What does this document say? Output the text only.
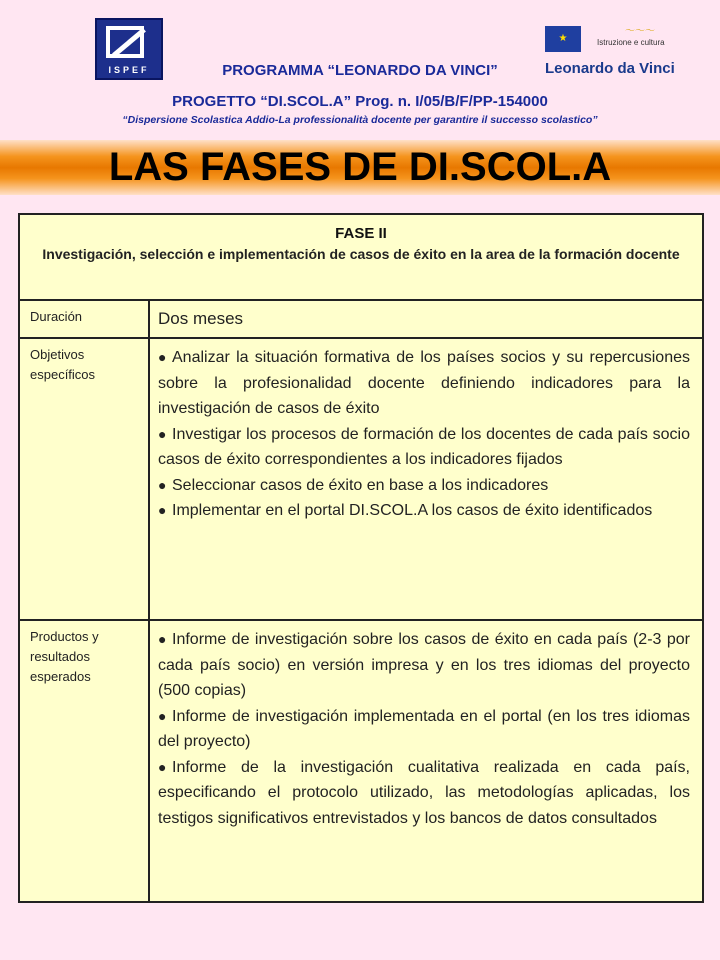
ISPEF
★
〜〜〜
Istruzione e cultura
Leonardo da Vinci
PROGRAMMA “LEONARDO DA VINCI”
PROGETTO “DI.SCOL.A” Prog. n. I/05/B/F/PP-154000
“Dispersione Scolastica Addio-La professionalità docente per garantire il successo scolastico”
LAS FASES DE DI.SCOL.A
FASE II
Investigación, selección e implementación de casos de éxito en la area de la formación docente
Duración	Dos meses
Objetivos específicos
● Analizar la situación formativa de los países socios y su repercusiones sobre la profesionalidad docente definiendo indicadores para la investigación de casos de éxito
● Investigar los procesos de formación de los docentes de cada país socio casos de éxito correspondientes a los indicadores fijados
● Seleccionar casos de éxito en base a los indicadores
● Implementar en el portal DI.SCOL.A los casos de éxito identificados
Productos y resultados esperados
● Informe de investigación sobre los casos de éxito en cada país (2-3 por cada país socio) en versión impresa y en los tres idiomas del proyecto (500 copias)
● Informe de investigación implementada en el portal (en los tres idiomas del proyecto)
● Informe de la investigación cualitativa realizada en cada país, especificando el protocolo utilizado, las metodologías aplicadas, los testigos significativos entrevistados y los bancos de datos consultados
